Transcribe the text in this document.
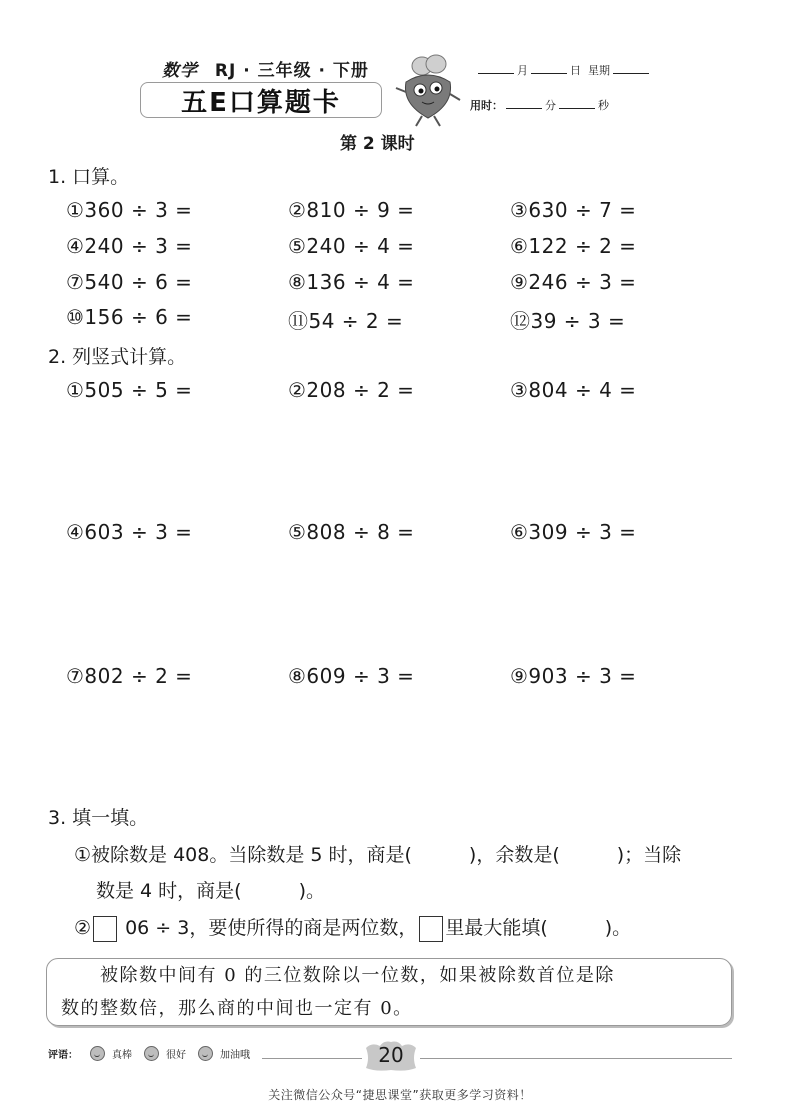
数学 RJ · 三年级 · 下册
五E口算题卡
月	日 星期
用时：	分	秒
第 2 课时
1. 口算。
①360 ÷ 3 =	②810 ÷ 9 =	③630 ÷ 7 =
④240 ÷ 3 =	⑤240 ÷ 4 =	⑥122 ÷ 2 =
⑦540 ÷ 6 =	⑧136 ÷ 4 =	⑨246 ÷ 3 =
⑩156 ÷ 6 =	⑪54 ÷ 2 =	⑫39 ÷ 3 =
2. 列竖式计算。
①505 ÷ 5 =	②208 ÷ 2 =	③804 ÷ 4 =
④603 ÷ 3 =	⑤808 ÷ 8 =	⑥309 ÷ 3 =
⑦802 ÷ 2 =	⑧609 ÷ 3 =	⑨903 ÷ 3 =
3. 填一填。
①被除数是 408。当除数是 5 时，商是(　　　)，余数是(　　　)；当除
数是 4 时，商是(　　　)。
② 06 ÷ 3，要使所得的商是两位数， 里最大能填(　　　)。
　　被除数中间有 0 的三位数除以一位数，如果被除数首位是除
数的整数倍，那么商的中间也一定有 0。
评语：	真棒	很好	加油哦	20
关注微信公众号“捷思课堂”获取更多学习资料！
